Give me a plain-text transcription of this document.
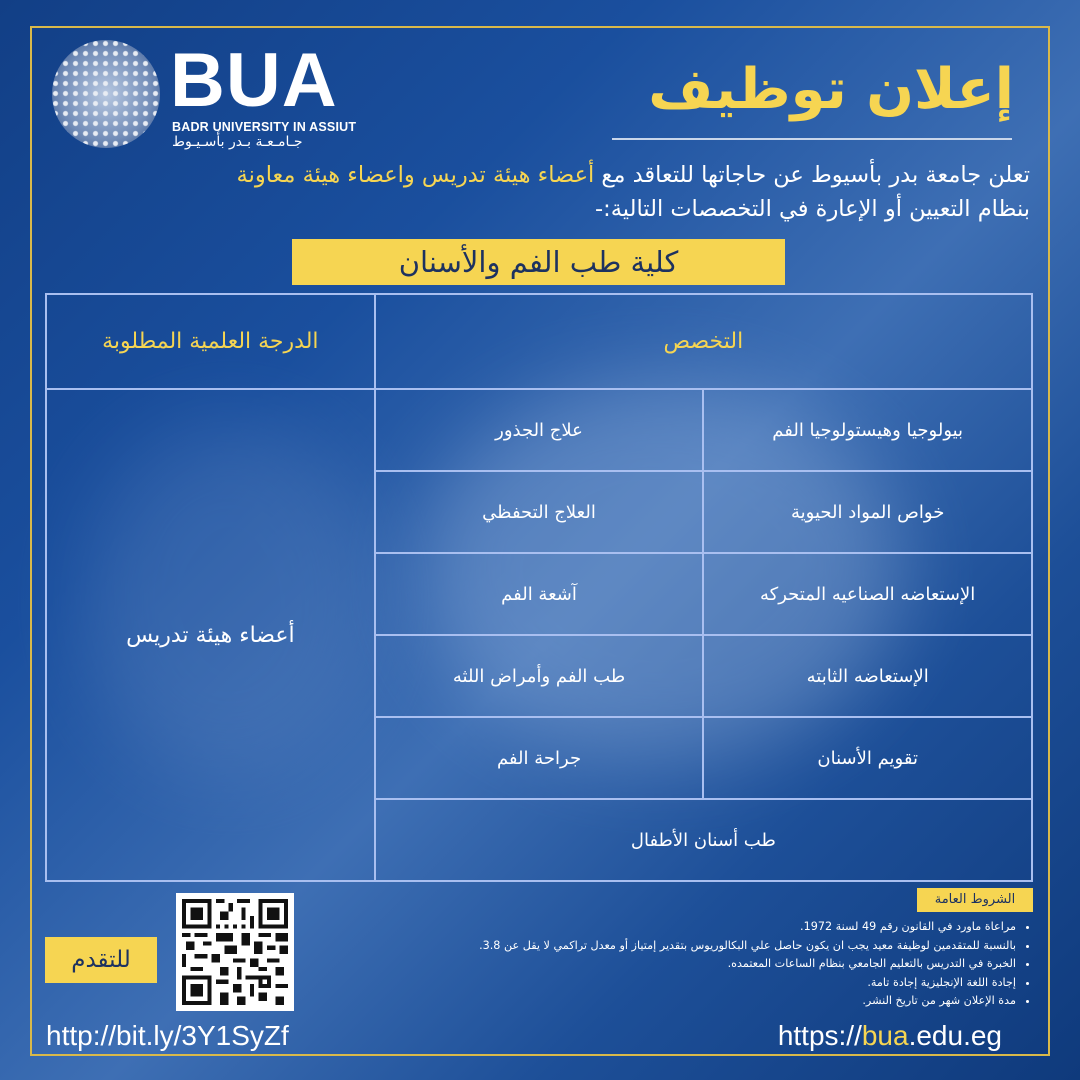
BUA
BADR UNIVERSITY IN ASSIUT
جـامـعـة بـدر بأسـيـوط
إعلان توظيف
تعلن جامعة بدر بأسيوط عن حاجاتها للتعاقد مع أعضاء هيئة تدريس واعضاء هيئة معاونة
بنظام التعيين أو الإعارة في التخصصات التالية:-
كلية طب الفم والأسنان
التخصص		الدرجة العلمية المطلوبة
بيولوجيا وهيستولوجيا الفم	علاج الجذور	أعضاء هيئة تدريس
خواص المواد الحيوية	العلاج التحفظي	
الإستعاضه الصناعيه المتحركه	آشعة الفم	
الإستعاضه الثابته	طب الفم وأمراض اللثه	
تقويم الأسنان	جراحة الفم	
طب أسنان الأطفال		
الشروط العامة
• مراعاة ماورد في القانون رقم 49 لسنة 1972.
• بالنسبة للمتقدمين لوظيفة معيد يجب ان يكون حاصل علي البكالوريوس بتقدير إمتياز أو معدل تراكمي لا يقل عن 3.8.
• الخبرة في التدريس بالتعليم الجامعي بنظام الساعات المعتمده.
• إجادة اللغة الإنجليزية إجادة تامة.
• مدة الإعلان شهر من تاريخ النشر.
للتقدم
http://bit.ly/3Y1SyZf	https://bua.edu.eg
